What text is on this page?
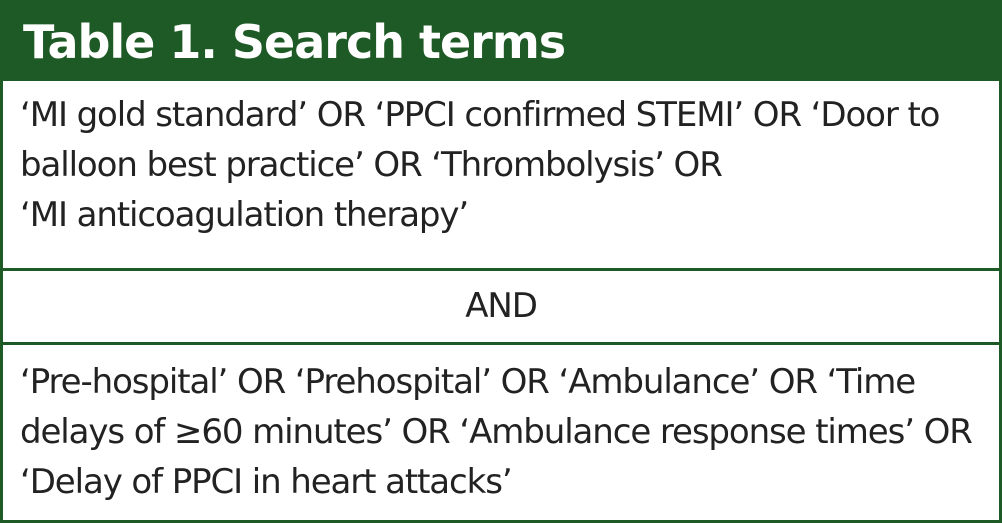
Table 1. Search terms
‘MI gold standard’ OR ‘PPCI confirmed STEMI’ OR ‘Door to
balloon best practice’ OR ‘Thrombolysis’ OR
‘MI anticoagulation therapy’
AND
‘Pre-hospital’ OR ‘Prehospital’ OR ‘Ambulance’ OR ‘Time
delays of ≥60 minutes’ OR ‘Ambulance response times’ OR
‘Delay of PPCI in heart attacks’
